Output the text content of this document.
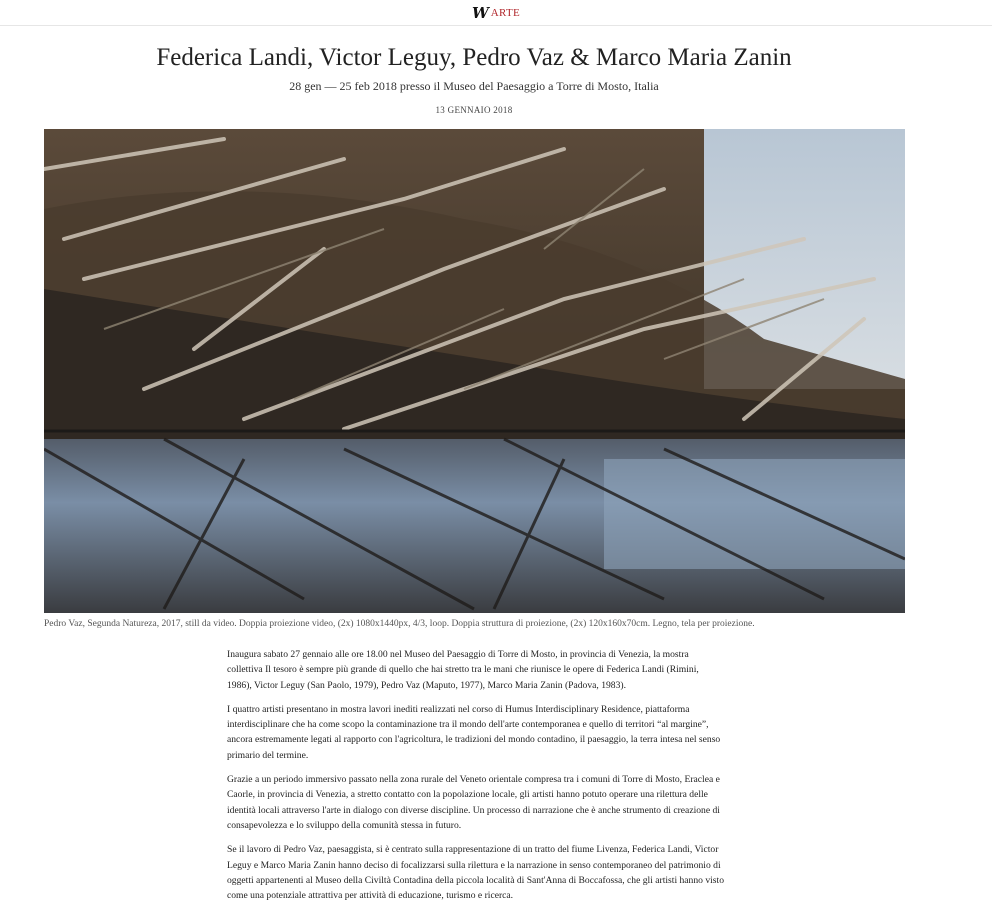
W ARTE
Federica Landi, Victor Leguy, Pedro Vaz & Marco Maria Zanin
28 gen — 25 feb 2018 presso il Museo del Paesaggio a Torre di Mosto, Italia
13 GENNAIO 2018
Pedro Vaz, Segunda Natureza, 2017, still da video. Doppia proiezione video, (2x) 1080x1440px, 4/3, loop. Doppia struttura di proiezione, (2x) 120x160x70cm. Legno, tela per proiezione.

Inaugura sabato 27 gennaio alle ore 18.00 nel Museo del Paesaggio di Torre di Mosto, in provincia di Venezia, la mostra collettiva Il tesoro è sempre più grande di quello che hai stretto tra le mani che riunisce le opere di Federica Landi (Rimini, 1986), Victor Leguy (San Paolo, 1979), Pedro Vaz (Maputo, 1977), Marco Maria Zanin (Padova, 1983).

I quattro artisti presentano in mostra lavori inediti realizzati nel corso di Humus Interdisciplinary Residence, piattaforma interdisciplinare che ha come scopo la contaminazione tra il mondo dell'arte contemporanea e quello di territori “al margine”, ancora estremamente legati al rapporto con l'agricoltura, le tradizioni del mondo contadino, il paesaggio, la terra intesa nel senso primario del termine.

Grazie a un periodo immersivo passato nella zona rurale del Veneto orientale compresa tra i comuni di Torre di Mosto, Eraclea e Caorle, in provincia di Venezia, a stretto contatto con la popolazione locale, gli artisti hanno potuto operare una rilettura delle identità locali attraverso l'arte in dialogo con diverse discipline. Un processo di narrazione che è anche strumento di creazione di consapevolezza e lo sviluppo della comunità stessa in futuro.

Se il lavoro di Pedro Vaz, paesaggista, si è centrato sulla rappresentazione di un tratto del fiume Livenza, Federica Landi, Victor Leguy e Marco Maria Zanin hanno deciso di focalizzarsi sulla rilettura e la narrazione in senso contemporaneo del patrimonio di oggetti appartenenti al Museo della Civiltà Contadina della piccola località di Sant'Anna di Boccafossa, che gli artisti hanno visto come una potenziale attrattiva per attività di educazione, turismo e ricerca.
